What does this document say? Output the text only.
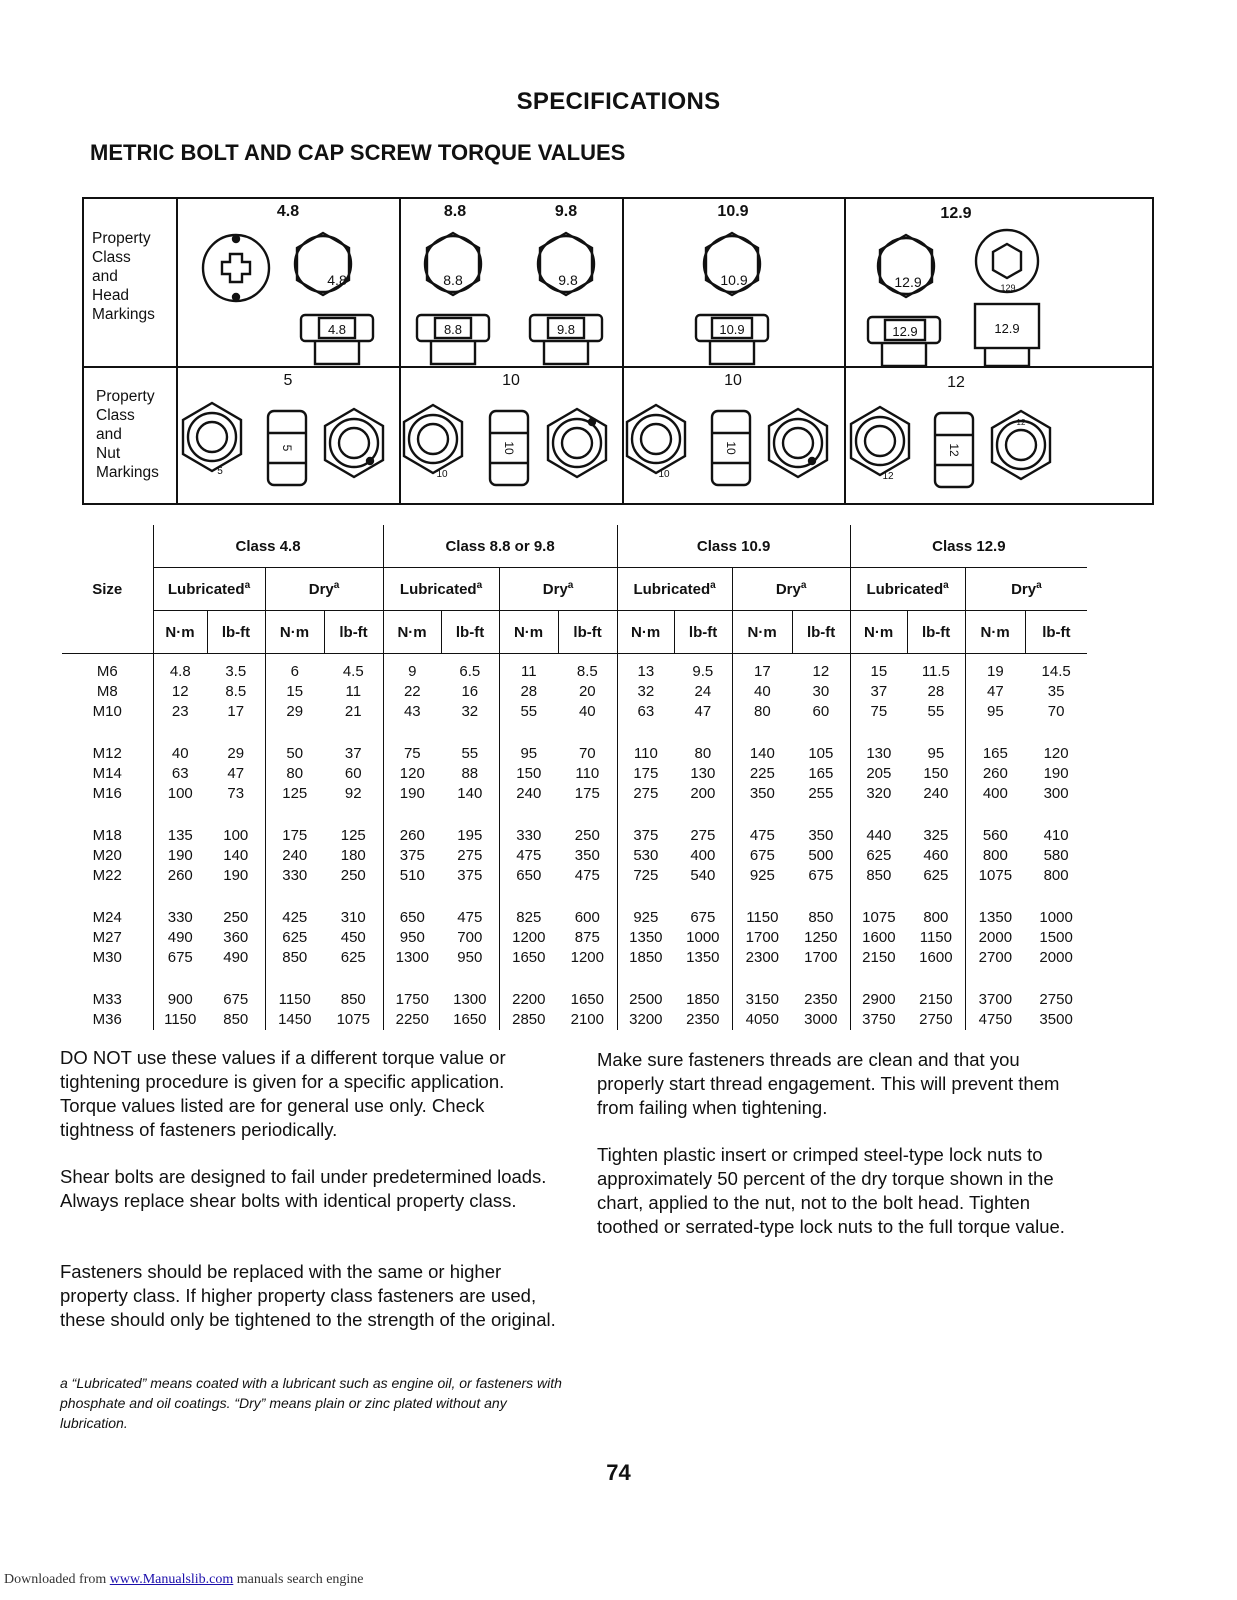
SPECIFICATIONS
METRIC BOLT AND CAP SCREW TORQUE VALUES
Property
Class
and
Head
Markings
Property
Class
and
Nut
Markings
4.8	8.8	9.8	10.9	12.9
5	10	10	12
4.8
4.8
8.8
8.8
9.8
9.8
10.9
10.9
12.9	129
12.9	12.9
5
5
10
10
10
10
12
12
12
Size	Class 4.8				Class 8.8 or 9.8				Class 10.9				Class 12.9			
	Lubricated$^a$		Dry$^a$		Lubricated$^a$		Dry$^a$		Lubricated$^a$		Dry$^a$		Lubricated$^a$		Dry$^a$
	N·m	lb-ft	N·m	lb-ft	N·m	lb-ft	N·m	lb-ft	N·m	lb-ft	N·m	lb-ft	N·m	lb-ft	N·m	lb-ft
M6	4.8	3.5	6	4.5	9	6.5	11	8.5	13	9.5	17	12	15	11.5	19	14.5
M8	12	8.5	15	11	22	16	28	20	32	24	40	30	37	28	47	35
M10	23	17	29	21	43	32	55	40	63	47	80	60	75	55	95	70

M12	40	29	50	37	75	55	95	70	110	80	140	105	130	95	165	120
M14	63	47	80	60	120	88	150	110	175	130	225	165	205	150	260	190
M16	100	73	125	92	190	140	240	175	275	200	350	255	320	240	400	300

M18	135	100	175	125	260	195	330	250	375	275	475	350	440	325	560	410
M20	190	140	240	180	375	275	475	350	530	400	675	500	625	460	800	580
M22	260	190	330	250	510	375	650	475	725	540	925	675	850	625	1075	800

M24	330	250	425	310	650	475	825	600	925	675	1150	850	1075	800	1350	1000
M27	490	360	625	450	950	700	1200	875	1350	1000	1700	1250	1600	1150	2000	1500
M30	675	490	850	625	1300	950	1650	1200	1850	1350	2300	1700	2150	1600	2700	2000

M33	900	675	1150	850	1750	1300	2200	1650	2500	1850	3150	2350	2900	2150	3700	2750
M36	1150	850	1450	1075	2250	1650	2850	2100	3200	2350	4050	3000	3750	2750	4750	3500
DO NOT use these values if a different torque value or tightening procedure is given for a specific application. Torque values listed are for general use only. Check tightness of fasteners periodically.
Shear bolts are designed to fail under predetermined loads. Always replace shear bolts with identical property class.
Fasteners should be replaced with the same or higher property class. If higher property class fasteners are used, these should only be tightened to the strength of the original.
a “Lubricated” means coated with a lubricant such as engine oil, or fasteners with phosphate and oil coatings. “Dry” means plain or zinc plated without any lubrication.
Make sure fasteners threads are clean and that you properly start thread engagement. This will prevent them from failing when tightening.
Tighten plastic insert or crimped steel-type lock nuts to approximately 50 percent of the dry torque shown in the chart, applied to the nut, not to the bolt head. Tighten toothed or serrated-type lock nuts to the full torque value.
74
Downloaded from www.Manualslib.com manuals search engine
